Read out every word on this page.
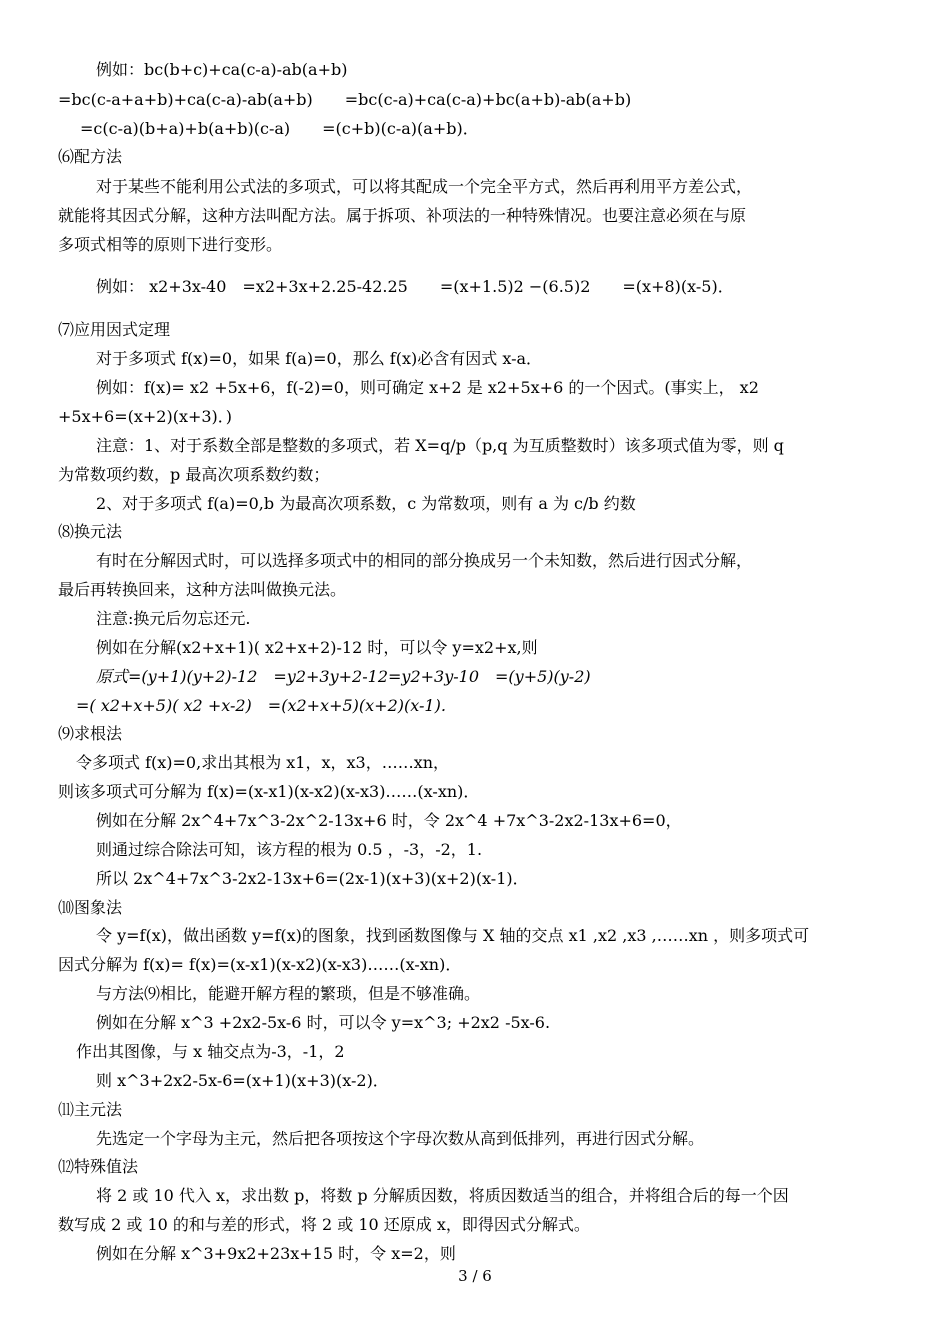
例如：bc(b+c)+ca(c-a)-ab(a+b)
=bc(c-a+a+b)+ca(c-a)-ab(a+b)　　=bc(c-a)+ca(c-a)+bc(a+b)-ab(a+b)
=c(c-a)(b+a)+b(a+b)(c-a)　　=(c+b)(c-a)(a+b)．
⑹配方法
对于某些不能利用公式法的多项式，可以将其配成一个完全平方式，然后再利用平方差公式，
就能将其因式分解，这种方法叫配方法。属于拆项、补项法的一种特殊情况。也要注意必须在与原
多项式相等的原则下进行变形。
例如： x2+3x-40　=x2+3x+2.25-42.25　　=(x+1.5)2 −(6.5)2　　=(x+8)(x-5)．
⑺应用因式定理
对于多项式 f(x)=0，如果 f(a)=0，那么 f(x)必含有因式 x-a．
例如：f(x)= x2 +5x+6，f(-2)=0，则可确定 x+2 是 x2+5x+6 的一个因式。(事实上， x2
+5x+6=(x+2)(x+3)．)
注意：1、对于系数全部是整数的多项式，若 X=q/p（p,q 为互质整数时）该多项式值为零，则 q
为常数项约数，p 最高次项系数约数；
2、对于多项式 f(a)=0,b 为最高次项系数，c 为常数项，则有 a 为 c/b 约数
⑻换元法
有时在分解因式时，可以选择多项式中的相同的部分换成另一个未知数，然后进行因式分解，
最后再转换回来，这种方法叫做换元法。
注意:换元后勿忘还元.
例如在分解(x2+x+1)( x2+x+2)-12 时，可以令 y=x2+x,则
原式=(y+1)(y+2)-12　=y2+3y+2-12=y2+3y-10　=(y+5)(y-2)
=( x2+x+5)( x2 +x-2)　=(x2+x+5)(x+2)(x-1)．
⑼求根法
令多项式 f(x)=0,求出其根为 x1，x，x3，……xn，
则该多项式可分解为 f(x)=(x-x1)(x-x2)(x-x3)……(x-xn)．
例如在分解 2x^4+7x^3-2x^2-13x+6 时，令 2x^4 +7x^3-2x2-13x+6=0，
则通过综合除法可知，该方程的根为 0.5 ，-3，-2，1.
所以 2x^4+7x^3-2x2-13x+6=(2x-1)(x+3)(x+2)(x-1)．
⑽图象法
令 y=f(x)，做出函数 y=f(x)的图象，找到函数图像与 X 轴的交点 x1 ,x2 ,x3 ,……xn ，则多项式可
因式分解为 f(x)= f(x)=(x-x1)(x-x2)(x-x3)……(x-xn)．
与方法⑼相比，能避开解方程的繁琐，但是不够准确。
例如在分解 x^3 +2x2-5x-6 时，可以令 y=x^3; +2x2 -5x-6.
作出其图像，与 x 轴交点为-3，-1，2
则 x^3+2x2-5x-6=(x+1)(x+3)(x-2)．
⑾主元法
先选定一个字母为主元，然后把各项按这个字母次数从高到低排列，再进行因式分解。
⑿特殊值法
将 2 或 10 代入 x，求出数 p，将数 p 分解质因数，将质因数适当的组合，并将组合后的每一个因
数写成 2 或 10 的和与差的形式，将 2 或 10 还原成 x，即得因式分解式。
例如在分解 x^3+9x2+23x+15 时，令 x=2，则
3 / 6
